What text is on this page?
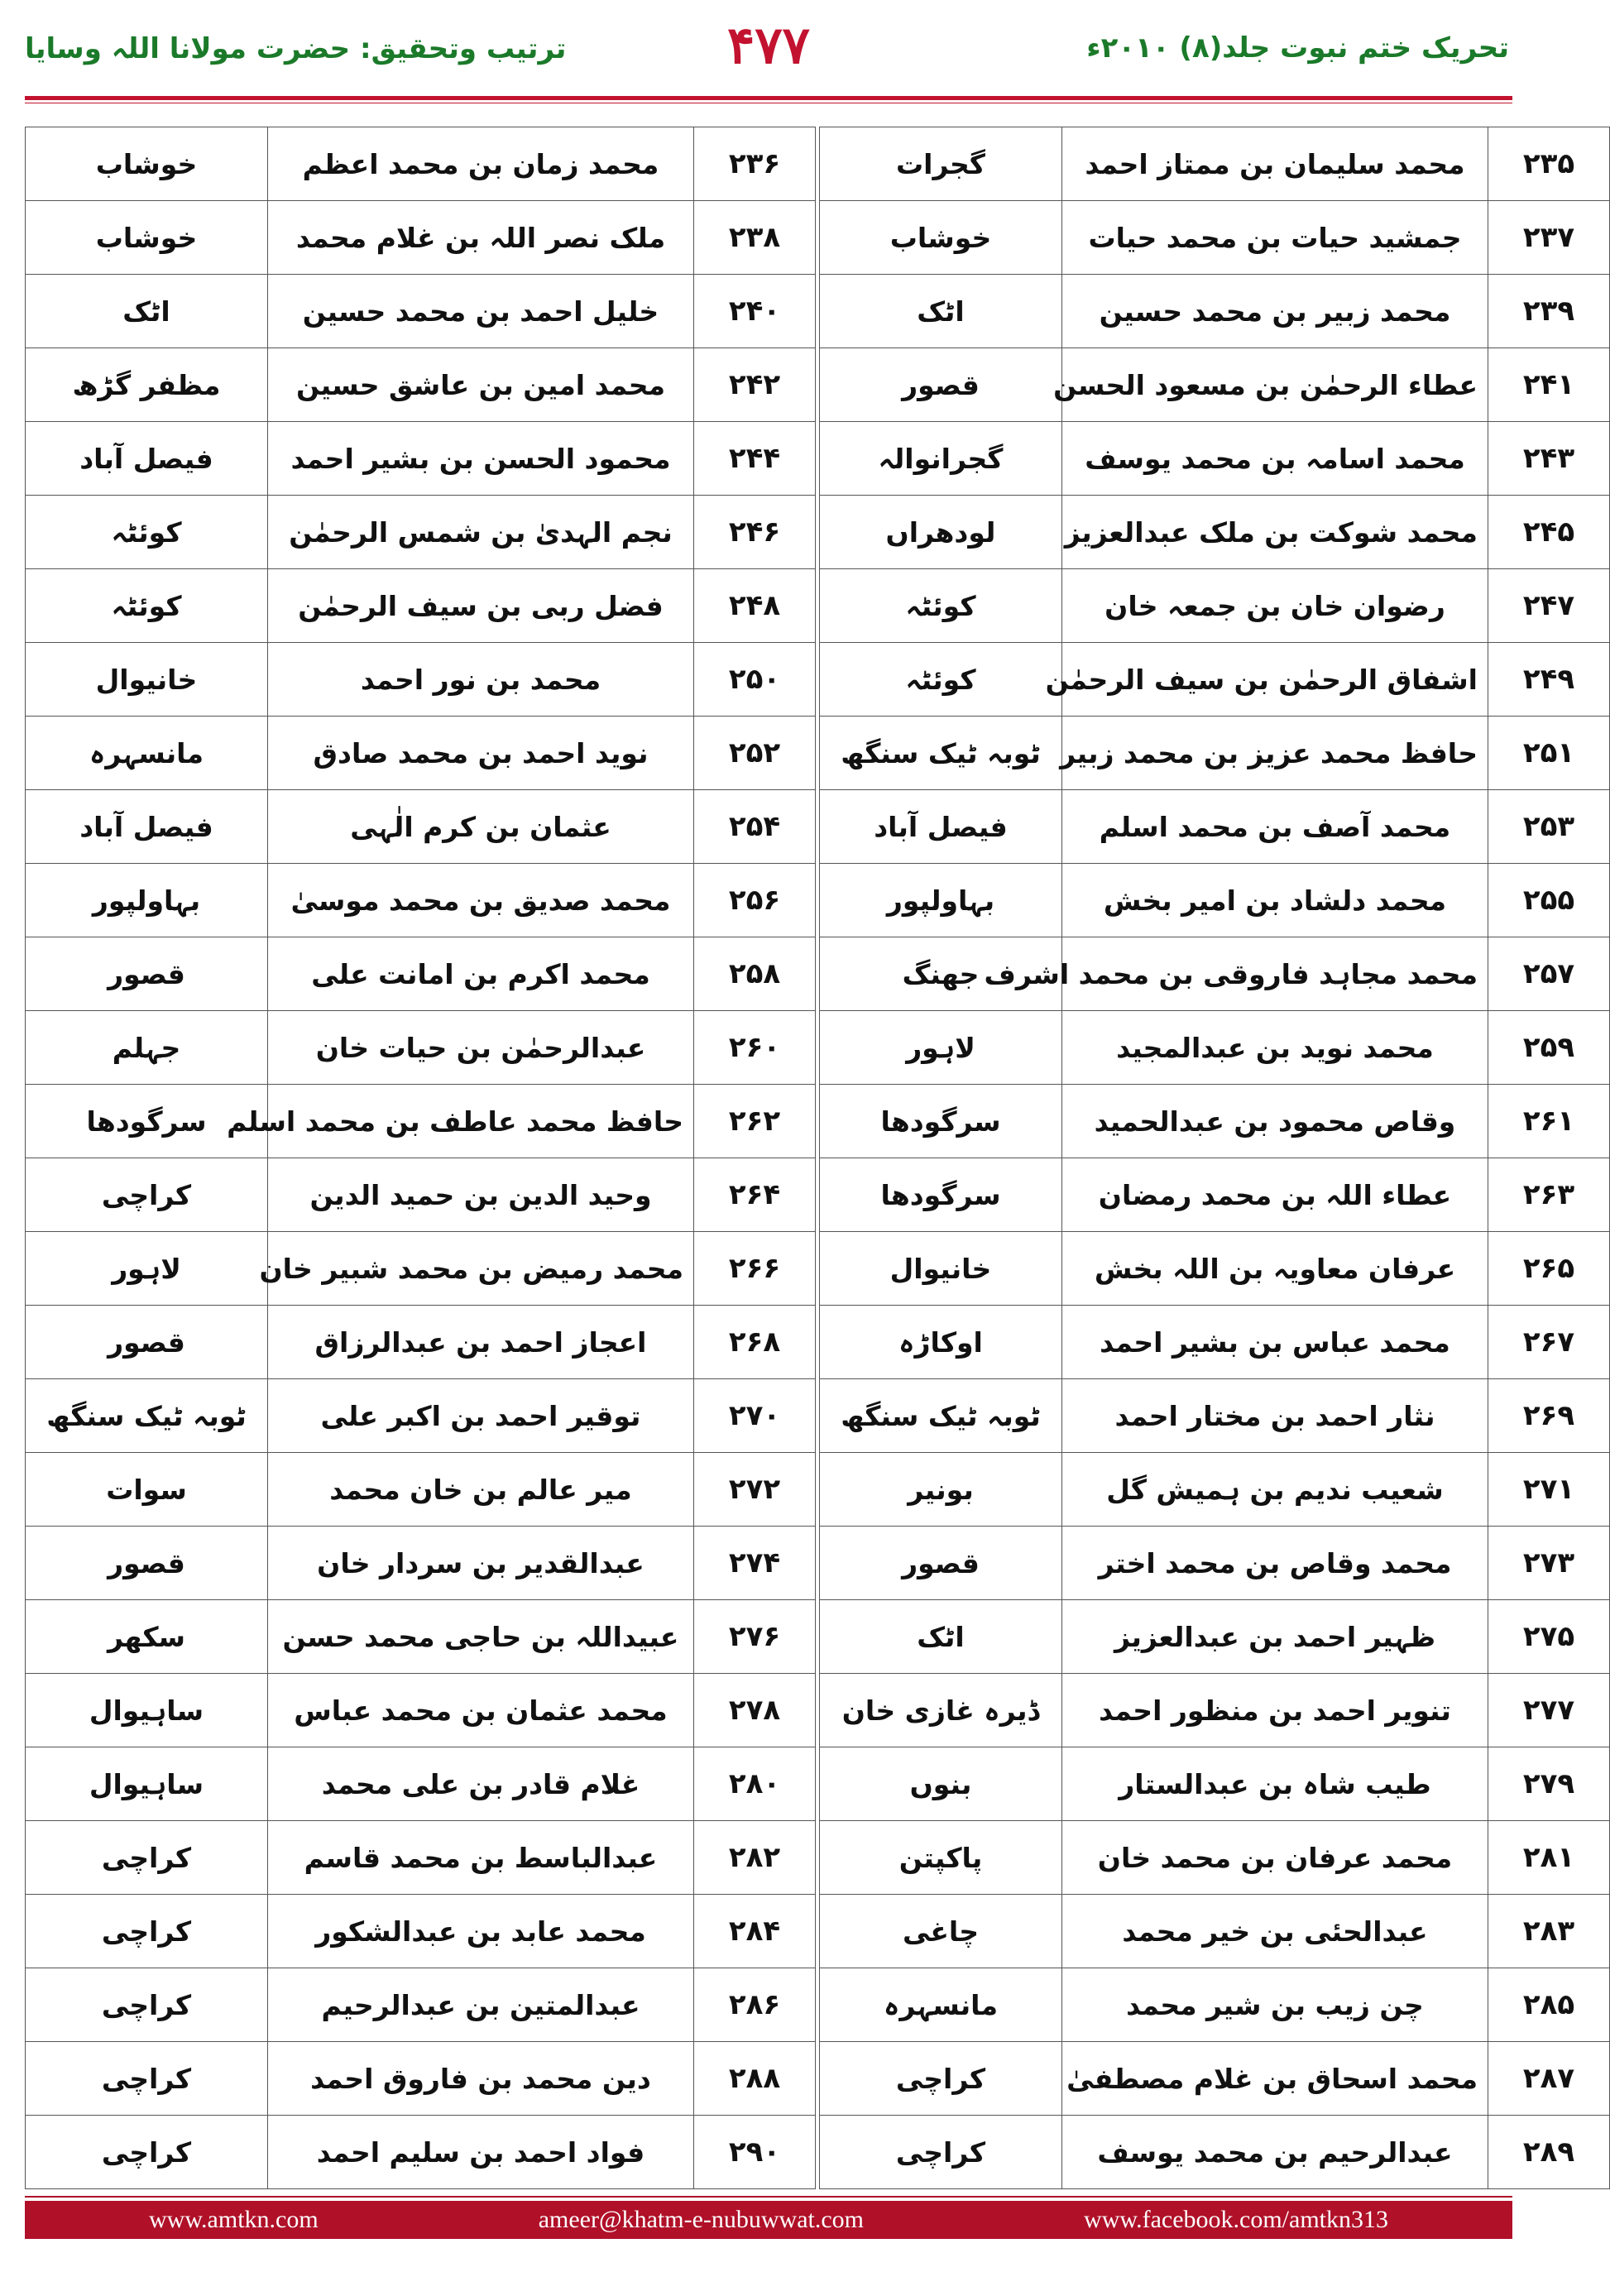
تحریک ختم نبوت جلد(۸) ۲۰۱۰ء
۴۷۷
ترتیب وتحقیق: حضرت مولانا اللہ وسایا
۲۳۵	محمد سلیمان بن ممتاز احمد	گجرات		۲۳۶	محمد زمان بن محمد اعظم	خوشاب
۲۳۷	جمشید حیات بن محمد حیات	خوشاب		۲۳۸	ملک نصر اللہ بن غلام محمد	خوشاب
۲۳۹	محمد زبیر بن محمد حسین	اٹک		۲۴۰	خلیل احمد بن محمد حسین	اٹک
۲۴۱	عطاء الرحمٰن بن مسعود الحسن	قصور		۲۴۲	محمد امین بن عاشق حسین	مظفر گڑھ
۲۴۳	محمد اسامہ بن محمد یوسف	گجرانوالہ		۲۴۴	محمود الحسن بن بشیر احمد	فیصل آباد
۲۴۵	محمد شوکت بن ملک عبدالعزیز	لودھراں		۲۴۶	نجم الہدیٰ بن شمس الرحمٰن	کوئٹہ
۲۴۷	رضوان خان بن جمعہ خان	کوئٹہ		۲۴۸	فضل ربی بن سیف الرحمٰن	کوئٹہ
۲۴۹	اشفاق الرحمٰن بن سیف الرحمٰن	کوئٹہ		۲۵۰	محمد بن نور احمد	خانیوال
۲۵۱	حافظ محمد عزیز بن محمد زبیر	ٹوبہ ٹیک سنگھ		۲۵۲	نوید احمد بن محمد صادق	مانسہرہ
۲۵۳	محمد آصف بن محمد اسلم	فیصل آباد		۲۵۴	عثمان بن کرم الٰہی	فیصل آباد
۲۵۵	محمد دلشاد بن امیر بخش	بہاولپور		۲۵۶	محمد صدیق بن محمد موسیٰ	بہاولپور
۲۵۷	محمد مجاہد فاروقی بن محمد اشرف	جھنگ		۲۵۸	محمد اکرم بن امانت علی	قصور
۲۵۹	محمد نوید بن عبدالمجید	لاہور		۲۶۰	عبدالرحمٰن بن حیات خان	جہلم
۲۶۱	وقاص محمود بن عبدالحمید	سرگودھا		۲۶۲	حافظ محمد عاطف بن محمد اسلم	سرگودھا
۲۶۳	عطاء اللہ بن محمد رمضان	سرگودھا		۲۶۴	وحید الدین بن حمید الدین	کراچی
۲۶۵	عرفان معاویہ بن اللہ بخش	خانیوال		۲۶۶	محمد رمیض بن محمد شبیر خان	لاہور
۲۶۷	محمد عباس بن بشیر احمد	اوکاڑہ		۲۶۸	اعجاز احمد بن عبدالرزاق	قصور
۲۶۹	نثار احمد بن مختار احمد	ٹوبہ ٹیک سنگھ		۲۷۰	توقیر احمد بن اکبر علی	ٹوبہ ٹیک سنگھ
۲۷۱	شعیب ندیم بن ہمیش گل	بونیر		۲۷۲	میر عالم بن خان محمد	سوات
۲۷۳	محمد وقاص بن محمد اختر	قصور		۲۷۴	عبدالقدیر بن سردار خان	قصور
۲۷۵	ظہیر احمد بن عبدالعزیز	اٹک		۲۷۶	عبیداللہ بن حاجی محمد حسن	سکھر
۲۷۷	تنویر احمد بن منظور احمد	ڈیرہ غازی خان		۲۷۸	محمد عثمان بن محمد عباس	ساہیوال
۲۷۹	طیب شاہ بن عبدالستار	بنوں		۲۸۰	غلام قادر بن علی محمد	ساہیوال
۲۸۱	محمد عرفان بن محمد خان	پاکپتن		۲۸۲	عبدالباسط بن محمد قاسم	کراچی
۲۸۳	عبدالحئی بن خیر محمد	چاغی		۲۸۴	محمد عابد بن عبدالشکور	کراچی
۲۸۵	چن زیب بن شیر محمد	مانسہرہ		۲۸۶	عبدالمتین بن عبدالرحیم	کراچی
۲۸۷	محمد اسحاق بن غلام مصطفیٰ	کراچی		۲۸۸	دین محمد بن فاروق احمد	کراچی
۲۸۹	عبدالرحیم بن محمد یوسف	کراچی		۲۹۰	فواد احمد بن سلیم احمد	کراچی
www.amtkn.com	ameer@khatm-e-nubuwwat.com	www.facebook.com/amtkn313
